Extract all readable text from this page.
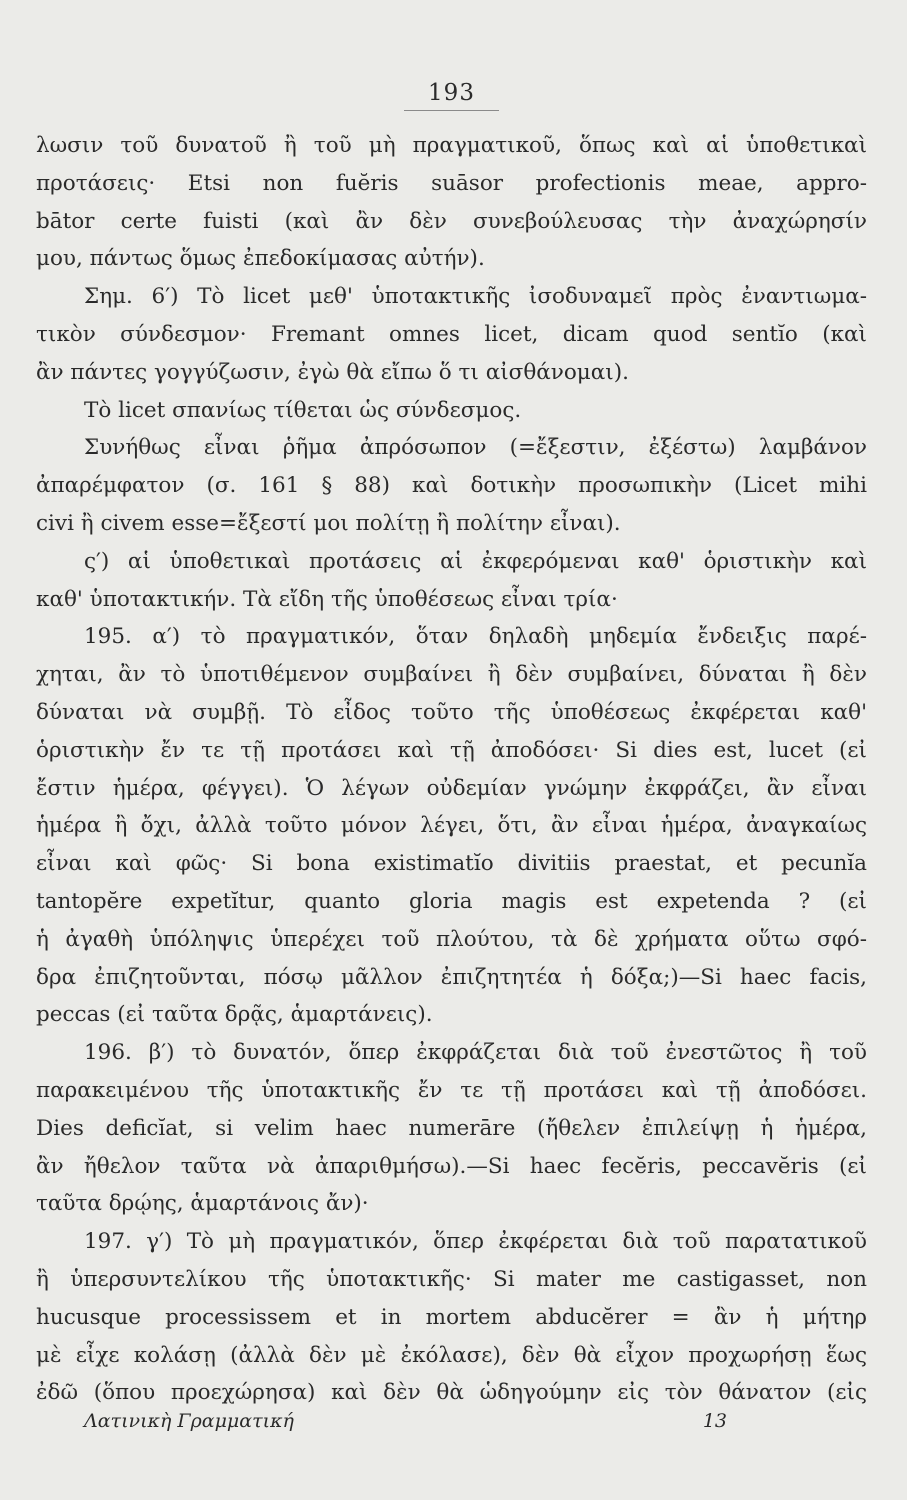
193
λωσιν τοῦ δυνατοῦ ἢ τοῦ μὴ πραγματικοῦ, ὅπως καὶ αἱ ὑποθετικαὶ
προτάσεις· Etsi non fuĕris suāsor profectionis meae, appro-
bātor certe fuisti (καὶ ἂν δὲν συνεβούλευσας τὴν ἀναχώρησίν
μου, πάντως ὅμως ἐπεδοκίμασας αὐτήν).
Σημ. 6′) Τὸ licet μεθ' ὑποτακτικῆς ἰσοδυναμεῖ πρὸς ἐναντιωμα-
τικὸν σύνδεσμον· Fremant omnes licet, dicam quod sentĭo (καὶ
ἂν πάντες γογγύζωσιν, ἐγὼ θὰ εἴπω ὅ τι αἰσθάνομαι).
Τὸ licet σπανίως τίθεται ὡς σύνδεσμος.
Συνήθως εἶναι ῥῆμα ἀπρόσωπον (=ἔξεστιν, ἐξέστω) λαμβάνον
ἀπαρέμφατον (σ. 161 § 88) καὶ δοτικὴν προσωπικὴν (Licet mihi
civi ἢ civem esse=ἔξεστί μοι πολίτῃ ἢ πολίτην εἶναι).
ς′) αἱ ὑποθετικαὶ προτάσεις αἱ ἐκφερόμεναι καθ' ὁριστικὴν καὶ
καθ' ὑποτακτικήν. Τὰ εἴδη τῆς ὑποθέσεως εἶναι τρία·
195. α′) τὸ πραγματικόν, ὅταν δηλαδὴ μηδεμία ἔνδειξις παρέ-
χηται, ἂν τὸ ὑποτιθέμενον συμβαίνει ἢ δὲν συμβαίνει, δύναται ἢ δὲν
δύναται νὰ συμβῇ. Τὸ εἶδος τοῦτο τῆς ὑποθέσεως ἐκφέρεται καθ'
ὁριστικὴν ἔν τε τῇ προτάσει καὶ τῇ ἀποδόσει· Si dies est, lucet (εἰ
ἔστιν ἡμέρα, φέγγει). Ὁ λέγων οὐδεμίαν γνώμην ἐκφράζει, ἂν εἶναι
ἡμέρα ἢ ὄχι, ἀλλὰ τοῦτο μόνον λέγει, ὅτι, ἂν εἶναι ἡμέρα, ἀναγκαίως
εἶναι καὶ φῶς· Si bona existimatĭo divitiis praestat, et pecunĭa
tantopĕre expetĭtur, quanto gloria magis est expetenda ? (εἰ
ἡ ἀγαθὴ ὑπόληψις ὑπερέχει τοῦ πλούτου, τὰ δὲ χρήματα οὕτω σφό-
δρα ἐπιζητοῦνται, πόσῳ μᾶλλον ἐπιζητητέα ἡ δόξα;)—Si haec facis,
peccas (εἰ ταῦτα δρᾷς, ἁμαρτάνεις).
196. β′) τὸ δυνατόν, ὅπερ ἐκφράζεται διὰ τοῦ ἐνεστῶτος ἢ τοῦ
παρακειμένου τῆς ὑποτακτικῆς ἔν τε τῇ προτάσει καὶ τῇ ἀποδόσει.
Dies deficĭat, si velim haec numerāre (ἤθελεν ἐπιλείψῃ ἡ ἡμέρα,
ἂν ἤθελον ταῦτα νὰ ἀπαριθμήσω).—Si haec fecĕris, peccavĕris (εἰ
ταῦτα δρῴης, ἁμαρτάνοις ἄν)·
197. γ′) Τὸ μὴ πραγματικόν, ὅπερ ἐκφέρεται διὰ τοῦ παρατατικοῦ
ἢ ὑπερσυντελίκου τῆς ὑποτακτικῆς· Si mater me castigasset, non
hucusque processissem et in mortem abducĕrer = ἂν ἡ μήτηρ
μὲ εἶχε κολάσῃ (ἀλλὰ δὲν μὲ ἐκόλασε), δὲν θὰ εἶχον προχωρήσῃ ἕως
ἐδῶ (ὅπου προεχώρησα) καὶ δὲν θὰ ὡδηγούμην εἰς τὸν θάνατον (εἰς
Λατινικὴ Γραμματική	13
